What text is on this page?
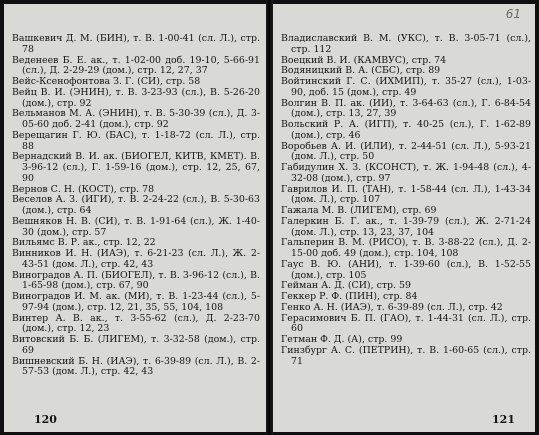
Вашкевич Д. М. (БИН), т. В. 1-00-41 (сл. Л.), стр. 78

Веденеев Б. Е. ак., т. 1-02-00 доб. 19-10, 5-66-91 (сл.), Д. 2-29-29 (дом.), стр. 12, 27, 37

Вейс-Ксенофонтова З. Г. (СИ), стр. 58

Вейц В. И. (ЭНИН), т. В. 3-23-93 (сл.), В. 5-26-20 (дом.), стр. 92

Вельманов М. А. (ЭНИН), т. В. 5-30-39 (сл.), Д. 3-05-60 доб. 2-41 (дом.), стр. 92

Верещагин Г. Ю. (БАС), т. 1-18-72 (сл. Л.), стр. 88

Вернадский В. И. ак. (БИОГЕЛ, КИТВ, КМЕТ). В. 3-96-12 (сл.), Г. 1-59-16 (дом.), стр. 12, 25, 67, 90

Вернов С. Н. (КОСТ), стр. 78

Веселов А. З. (ИГИ), т. В. 2-24-22 (сл.), В. 5-30-63 (дом.), стр. 64

Вешняков Н. В. (СИ), т. В. 1-91-64 (сл.), Ж. 1-40-30 (дом.), стр. 57

Вильямс В. Р. ак., стр. 12, 22

Винников И. Н. (ИАЭ), т. 6-21-23 (сл. Л.), Ж. 2-43-51 (дом. Л.), стр. 42, 43

Виноградов А. П. (БИОГЕЛ), т. В. 3-96-12 (сл.), В. 1-65-98 (дом.), стр. 67, 90

Виноградов И. М. ак. (МИ), т. В. 1-23-44 (сл.), 5-97-94 (дом.), стр. 12, 21, 35, 55, 104, 108

Винтер А. В. ак., т. 3-55-62 (сл.), Д. 2-23-70 (дом.), стр. 12, 23

Витовский Б. Б. (ЛИГЕМ), т. 3-32-58 (дом.), стр. 69

Вишневский Б. Н. (ИАЭ), т. 6-39-89 (сл. Л.), В. 2-57-53 (дом. Л.), стр. 42, 43

120
61

Владиславский В. М. (УКС), т. В. 3-05-71 (сл.), стр. 112

Воецкий В. И. (КАМВУС), стр. 74

Водяницкий В. А. (СБС), стр. 89

Войтинский Г. С. (ИХМИП), т. 35-27 (сл.), 1-03-90, доб. 15 (дом.), стр. 49

Волгин В. П. ак. (ИИ), т. 3-64-63 (сл.), Г. 6-84-54 (дом.), стр. 13, 27, 39

Вольский Р. А. (ИГП), т. 40-25 (сл.), Г. 1-62-89 (дом.), стр. 46

Воробьев А. И. (ИЛИ), т. 2-44-51 (сл. Л.), 5-93-21 (дом. Л.), стр. 50

Габидулин Х. З. (КСОНСТ), т. Ж. 1-94-48 (сл.), 4-32-08 (дом.), стр. 97

Гаврилов И. П. (ТАН), т. 1-58-44 (сл. Л.), 1-43-34 (дом. Л.), стр. 107

Гажала М. В. (ЛИГЕМ), стр. 69

Галеркин Б. Г. ак., т. 1-39-79 (сл.), Ж. 2-71-24 (дом. Л.), стр. 13, 23, 37, 104

Гальперин В. М. (РИСО), т. В. 3-88-22 (сл.), Д. 2-15-00 доб. 49 (дом.), стр. 104, 108

Гаус В. Ю. (АНИ), т. 1-39-60 (сл.), В. 1-52-55 (дом.), стр. 105

Гейман А. Д. (СИ), стр. 59

Геккер Р. Ф. (ПИН), стр. 84

Генко А. Н. (ИАЭ), т. 6-39-89 (сл. Л.), стр. 42

Герасимович Б. П. (ГАО), т. 1-44-31 (сл. Л.), стр. 60

Гетман Ф. Д. (А), стр. 99

Гинзбург А. С. (ПЕТРИН), т. В. 1-60-65 (сл.), стр. 71

121
